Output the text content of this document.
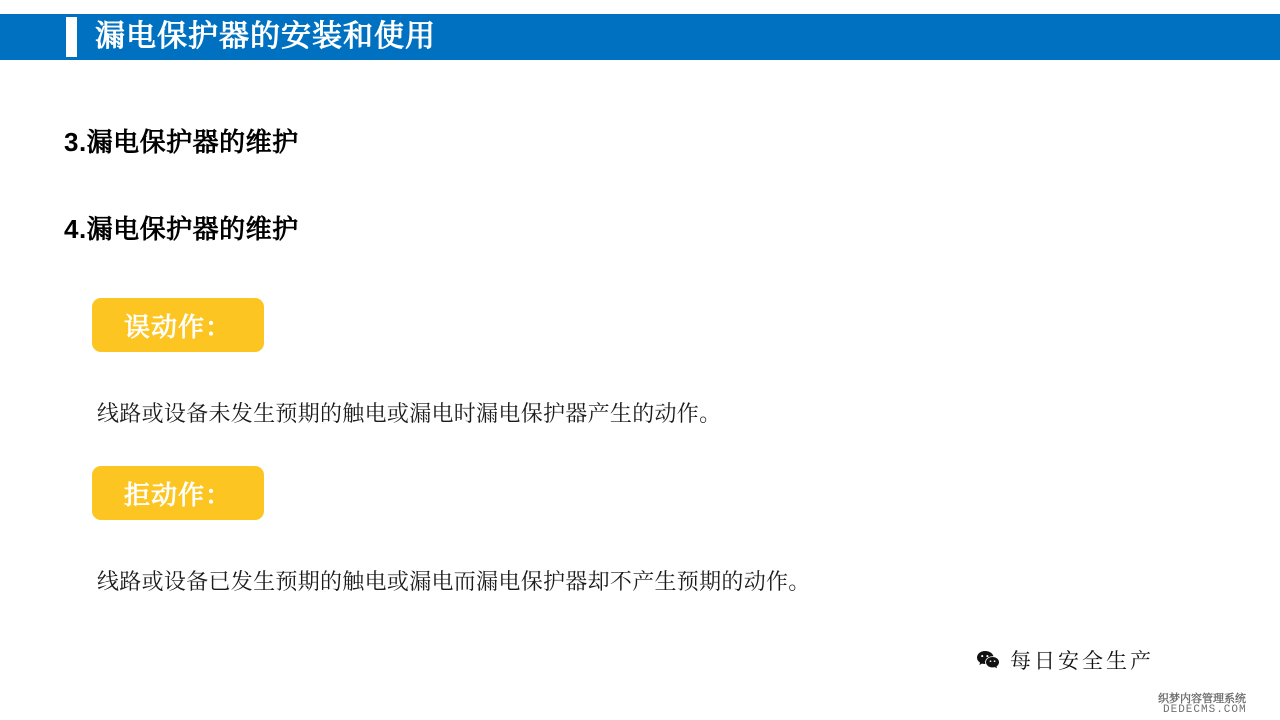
漏电保护器的安装和使用
3.漏电保护器的维护
4.漏电保护器的维护
误动作：
线路或设备未发生预期的触电或漏电时漏电保护器产生的动作。
拒动作：
线路或设备已发生预期的触电或漏电而漏电保护器却不产生预期的动作。
每日安全生产
织梦内容管理系统
DEDECMS.COM
